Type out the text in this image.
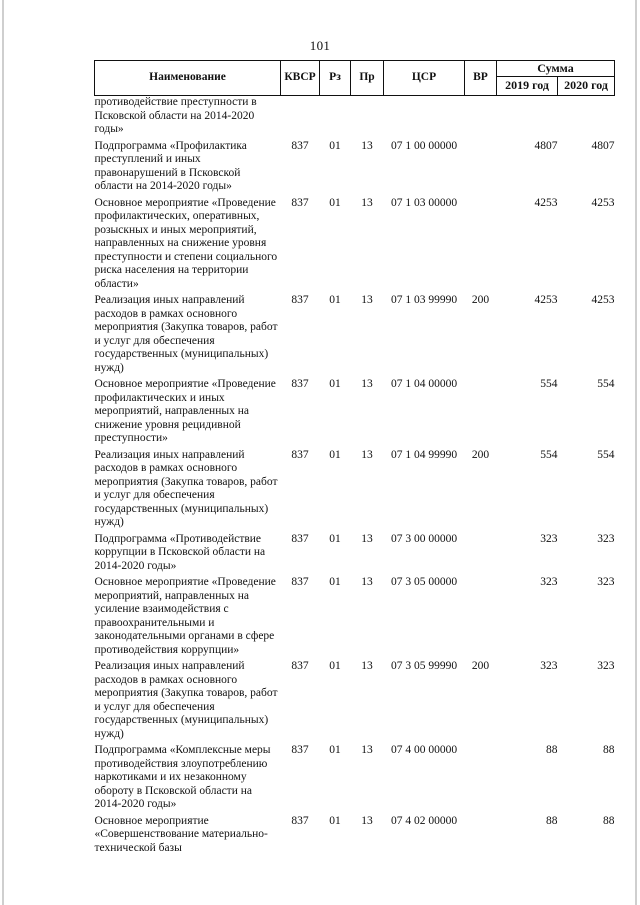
101
Наименование	КВСР	Рз	Пр	ЦСР	ВР	Сумма	
						2019 год	2020 год
противодействие преступности в Псковской области на 2014-2020 годы»							
Подпрограмма «Профилактика преступлений и иных правонарушений в Псковской области на 2014-2020 годы»	837	01	13	07 1 00 00000		4807	4807
Основное мероприятие «Проведение профилактических, оперативных, розыскных и иных мероприятий, направленных на снижение уровня преступности и степени социального риска населения на территории области»	837	01	13	07 1 03 00000		4253	4253
Реализация иных направлений расходов в рамках основного мероприятия (Закупка товаров, работ и услуг для обеспечения государственных (муниципальных) нужд)	837	01	13	07 1 03 99990	200	4253	4253
Основное мероприятие «Проведение профилактических и иных мероприятий, направленных на снижение уровня рецидивной преступности»	837	01	13	07 1 04 00000		554	554
Реализация иных направлений расходов в рамках основного мероприятия (Закупка товаров, работ и услуг для обеспечения государственных (муниципальных) нужд)	837	01	13	07 1 04 99990	200	554	554
Подпрограмма «Противодействие коррупции в Псковской области на 2014-2020 годы»	837	01	13	07 3 00 00000		323	323
Основное мероприятие «Проведение мероприятий, направленных на усиление взаимодействия с правоохранительными и законодательными органами в сфере противодействия коррупции»	837	01	13	07 3 05 00000		323	323
Реализация иных направлений расходов в рамках основного мероприятия (Закупка товаров, работ и услуг для обеспечения государственных (муниципальных) нужд)	837	01	13	07 3 05 99990	200	323	323
Подпрограмма «Комплексные меры противодействия злоупотреблению наркотиками и их незаконному обороту в Псковской области на 2014-2020 годы»	837	01	13	07 4 00 00000		88	88
Основное мероприятие «Совершенствование материально-технической базы	837	01	13	07 4 02 00000		88	88
